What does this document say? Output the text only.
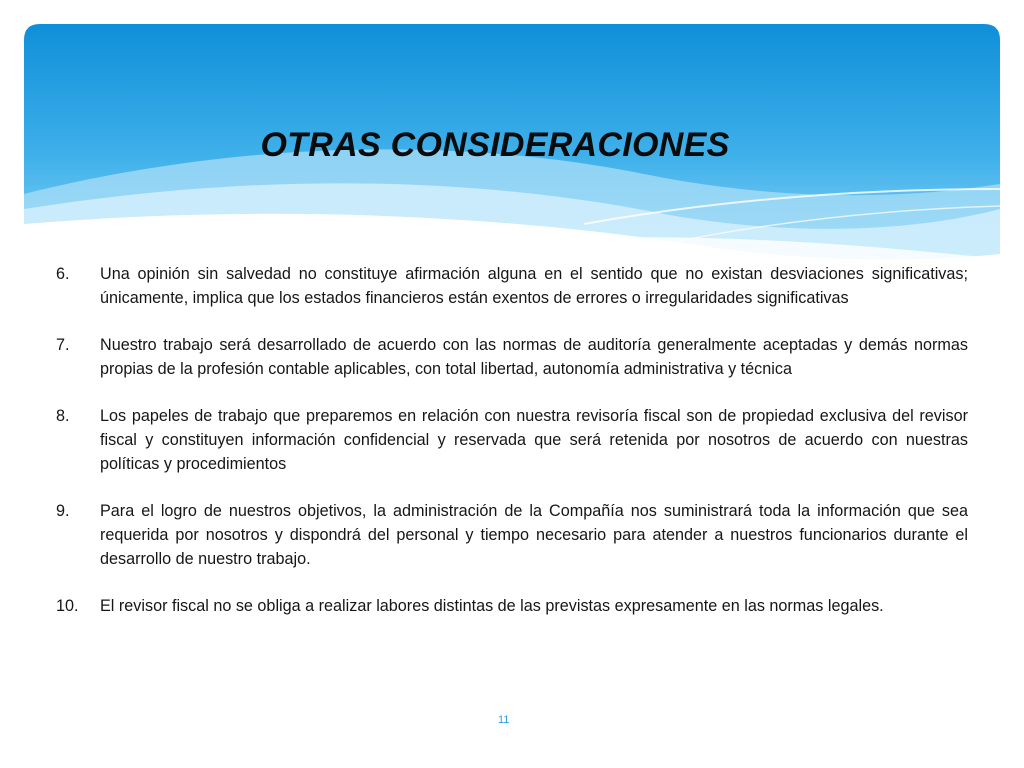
OTRAS CONSIDERACIONES
6. Una opinión sin salvedad no constituye afirmación alguna en el sentido que no existan desviaciones significativas; únicamente, implica que los estados financieros están exentos de errores o irregularidades significativas
7. Nuestro trabajo será desarrollado de acuerdo con las normas de auditoría generalmente aceptadas y demás normas propias de la profesión contable aplicables, con total libertad, autonomía administrativa y técnica
8. Los papeles de trabajo que preparemos en relación con nuestra revisoría fiscal son de propiedad exclusiva del revisor fiscal y constituyen información confidencial y reservada que será retenida por nosotros de acuerdo con nuestras políticas y procedimientos
9. Para el logro de nuestros objetivos, la administración de la Compañía nos suministrará toda la información que sea requerida por nosotros y dispondrá del personal y tiempo necesario para atender a nuestros funcionarios durante el desarrollo de nuestro trabajo.
10. El revisor fiscal no se obliga a realizar labores distintas de las previstas expresamente en las normas legales.
11
